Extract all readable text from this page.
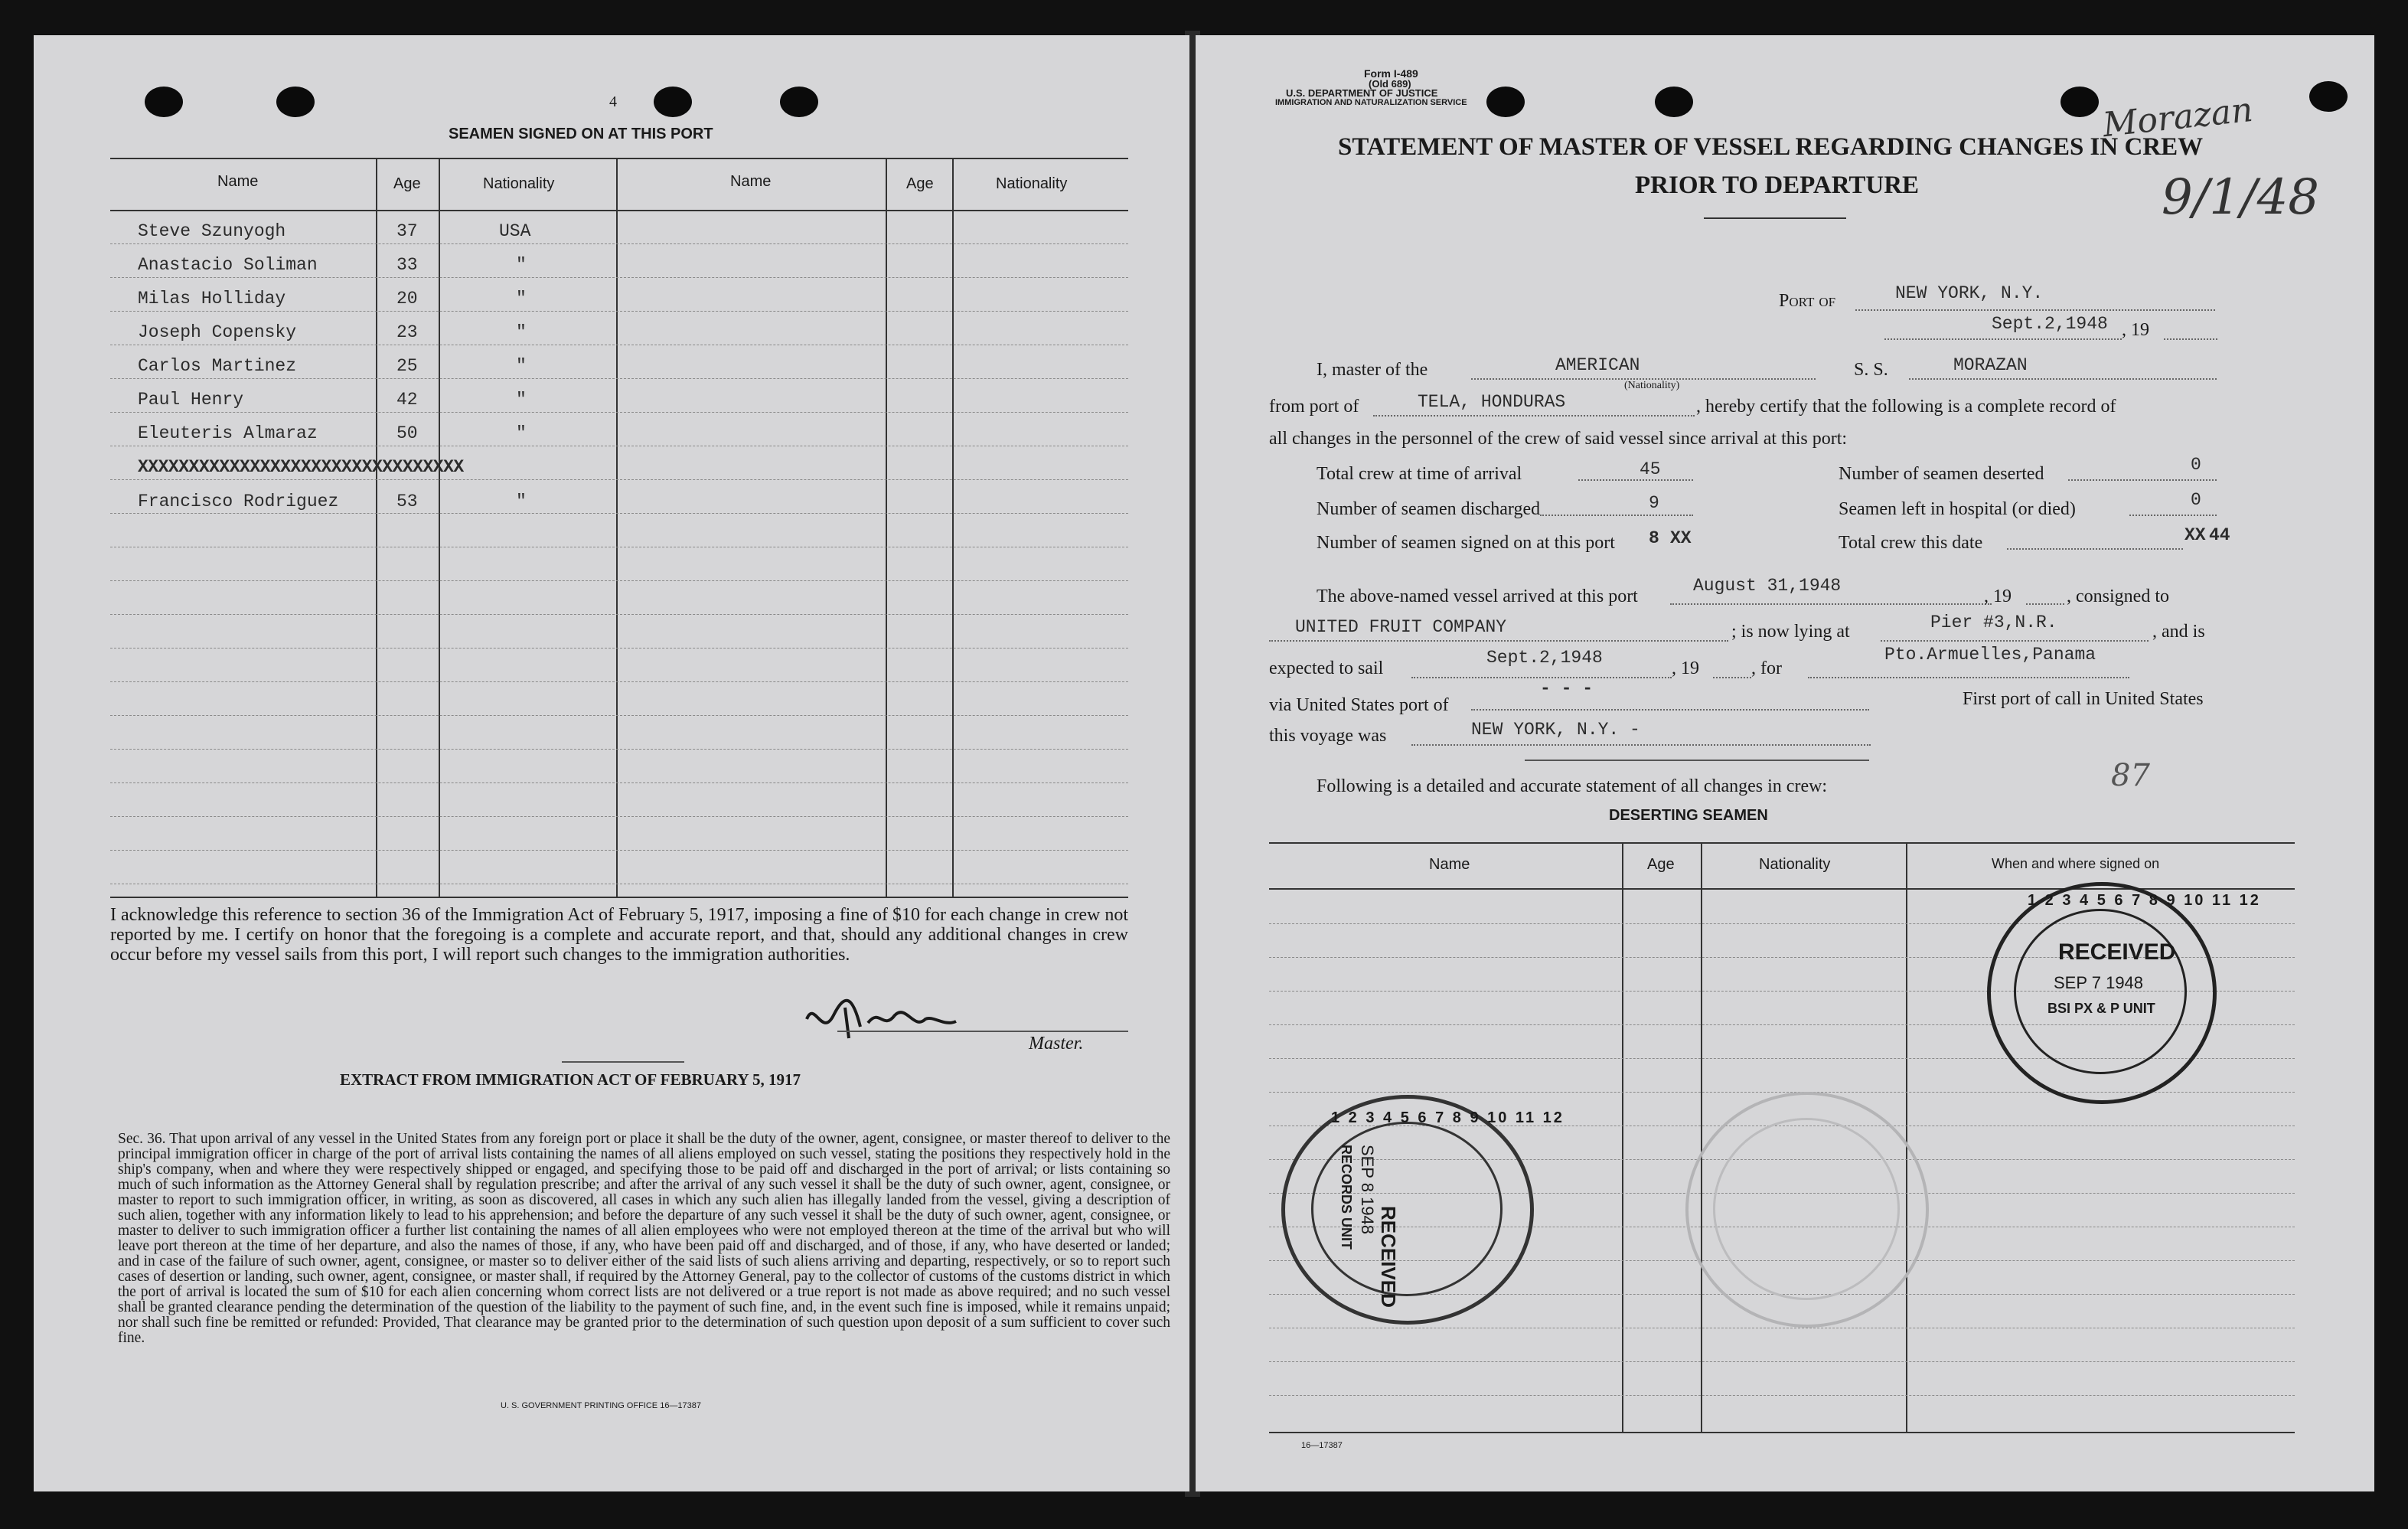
4
SEAMEN SIGNED ON AT THIS PORT
Name	Age	Nationality	Name	Age	Nationality
Steve Szunyogh	37	USA
Anastacio Soliman	33	"
Milas Holliday	20	"
Joseph Copensky	23	"
Carlos Martinez	25	"
Paul Henry	42	"
Eleuteris Almaraz	50	"
XXXXXXXXXXXXXXXXXXXXXXXXXXXXXXXX
Francisco Rodriguez	53	"
I acknowledge this reference to section 36 of the Immigration Act of February 5, 1917, imposing a fine of $10 for each change in crew not reported by me. I certify on honor that the foregoing is a complete and accurate report, and that, should any additional changes in crew occur before my vessel sails from this port, I will report such changes to the immigration authorities.
Master.
EXTRACT FROM IMMIGRATION ACT OF FEBRUARY 5, 1917
Sec. 36. That upon arrival of any vessel in the United States from any foreign port or place it shall be the duty of the owner, agent, consignee, or master thereof to deliver to the principal immigration officer in charge of the port of arrival lists containing the names of all aliens employed on such vessel, stating the positions they respectively hold in the ship's company, when and where they were respectively shipped or engaged, and specifying those to be paid off and discharged in the port of arrival; or lists containing so much of such information as the Attorney General shall by regulation prescribe; and after the arrival of any such vessel it shall be the duty of such owner, agent, consignee, or master to report to such immigration officer, in writing, as soon as discovered, all cases in which any such alien has illegally landed from the vessel, giving a description of such alien, together with any information likely to lead to his apprehension; and before the departure of any such vessel it shall be the duty of such owner, agent, consignee, or master to deliver to such immigration officer a further list containing the names of all alien employees who were not employed thereon at the time of the arrival but who will leave port thereon at the time of her departure, and also the names of those, if any, who have been paid off and discharged, and of those, if any, who have deserted or landed; and in case of the failure of such owner, agent, consignee, or master so to deliver either of the said lists of such aliens arriving and departing, respectively, or so to report such cases of desertion or landing, such owner, agent, consignee, or master shall, if required by the Attorney General, pay to the collector of customs of the customs district in which the port of arrival is located the sum of $10 for each alien concerning whom correct lists are not delivered or a true report is not made as above required; and no such vessel shall be granted clearance pending the determination of the question of the liability to the payment of such fine, and, in the event such fine is imposed, while it remains unpaid; nor shall such fine be remitted or refunded: Provided, That clearance may be granted prior to the determination of such question upon deposit of a sum sufficient to cover such fine.
U. S. GOVERNMENT PRINTING OFFICE 16—17387
Form I-489
(Old 689)
U.S. DEPARTMENT OF JUSTICE
IMMIGRATION AND NATURALIZATION SERVICE
STATEMENT OF MASTER OF VESSEL REGARDING CHANGES IN CREW
PRIOR TO DEPARTURE
Morazan
9/1/48
Port of	NEW YORK, N.Y.
Sept.2,1948 , 19
I, master of the	AMERICAN
(Nationality)
S. S.	MORAZAN
from port of	TELA, HONDURAS	, hereby certify that the following is a complete record of
all changes in the personnel of the crew of said vessel since arrival at this port:
Total crew at time of arrival	45
Number of seamen discharged	9
Number of seamen signed on at this port 8 XX
Number of seamen deserted	0
Seamen left in hospital (or died)	0
Total crew this date	XX 44
The above-named vessel arrived at this port
August 31,1948
, 19	, consigned to
UNITED FRUIT COMPANY	; is now lying at	Pier #3,N.R.	, and is
expected to sail
Sept.2,1948
, 19	, for
Pto.Armuelles,Panama
via United States port of
- - -
First port of call in United States
this voyage was	NEW YORK, N.Y. -
Following is a detailed and accurate statement of all changes in crew:	87
DESERTING SEAMEN
Name	Age	Nationality	When and where signed on
16—17387
RECEIVED
SEP 7 1948
BSI PX & P UNIT
1 2 3 4 5 6 7 8 9 10 11 12
RECEIVED
SEP 8 1948
RECORDS UNIT
1 2 3 4 5 6 7 8 9 10 11 12
